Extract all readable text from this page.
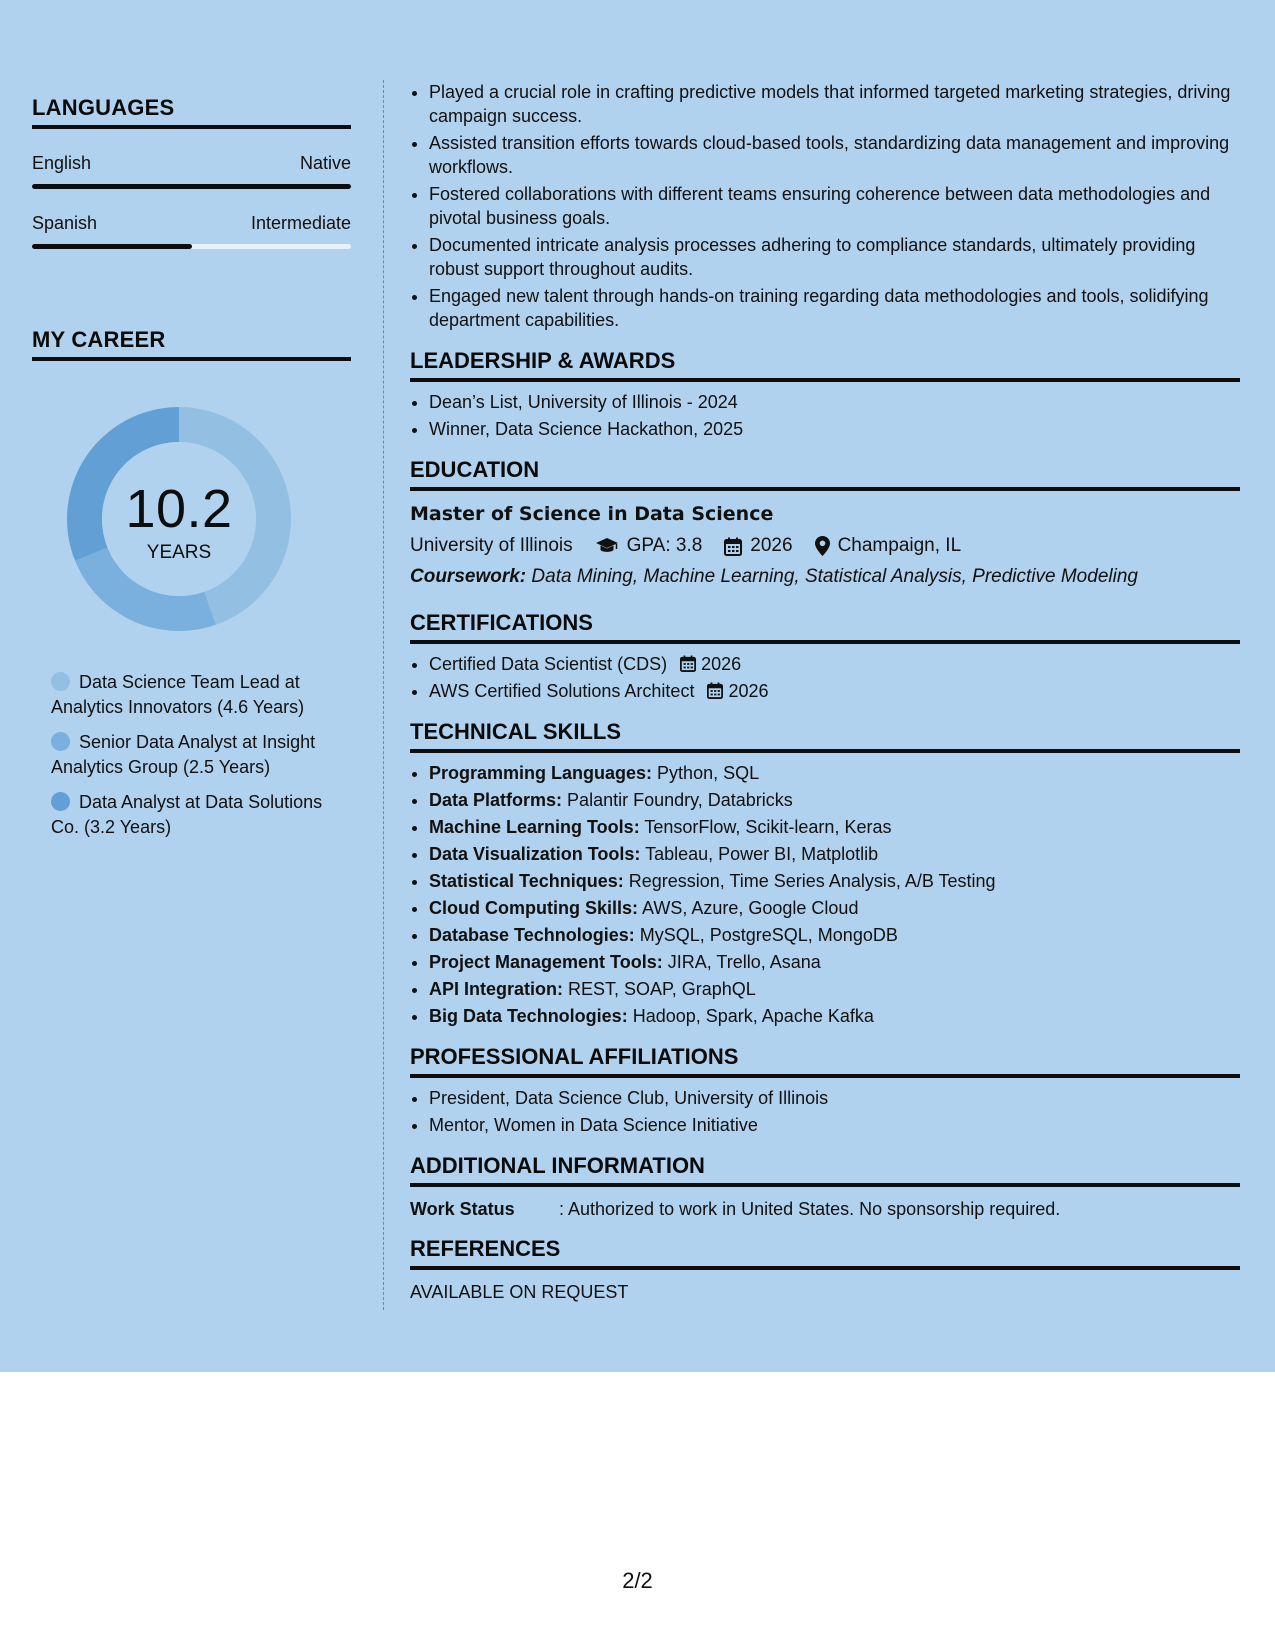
LANGUAGES
English	Native
Spanish	Intermediate
MY CAREER
10.2
YEARS
Data Science Team Lead at Analytics Innovators (4.6 Years)
Senior Data Analyst at Insight Analytics Group (2.5 Years)
Data Analyst at Data Solutions Co. (3.2 Years)
• Played a crucial role in crafting predictive models that informed targeted marketing strategies, driving campaign success.
• Assisted transition efforts towards cloud-based tools, standardizing data management and improving workflows.
• Fostered collaborations with different teams ensuring coherence between data methodologies and pivotal business goals.
• Documented intricate analysis processes adhering to compliance standards, ultimately providing robust support throughout audits.
• Engaged new talent through hands-on training regarding data methodologies and tools, solidifying department capabilities.
LEADERSHIP & AWARDS
• Dean’s List, University of Illinois - 2024
• Winner, Data Science Hackathon, 2025
EDUCATION
Master of Science in Data Science
University of Illinois	GPA: 3.8	2026 Champaign, IL
Coursework: Data Mining, Machine Learning, Statistical Analysis, Predictive Modeling
CERTIFICATIONS
• Certified Data Scientist (CDS) 2026
• AWS Certified Solutions Architect 2026
TECHNICAL SKILLS
• Programming Languages: Python, SQL
• Data Platforms: Palantir Foundry, Databricks
• Machine Learning Tools: TensorFlow, Scikit-learn, Keras
• Data Visualization Tools: Tableau, Power BI, Matplotlib
• Statistical Techniques: Regression, Time Series Analysis, A/B Testing
• Cloud Computing Skills: AWS, Azure, Google Cloud
• Database Technologies: MySQL, PostgreSQL, MongoDB
• Project Management Tools: JIRA, Trello, Asana
• API Integration: REST, SOAP, GraphQL
• Big Data Technologies: Hadoop, Spark, Apache Kafka
PROFESSIONAL AFFILIATIONS
• President, Data Science Club, University of Illinois
• Mentor, Women in Data Science Initiative
ADDITIONAL INFORMATION
Work Status	: Authorized to work in United States. No sponsorship required.
REFERENCES
AVAILABLE ON REQUEST
2/2
